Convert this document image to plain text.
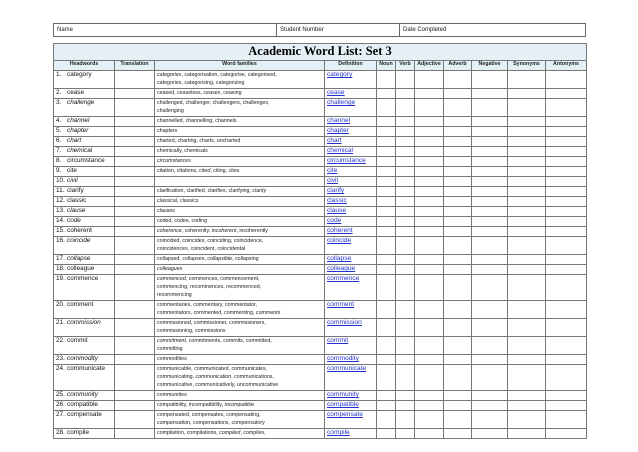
Name	Student Number	Date Completed
Academic Word List: Set 3										
Headwords	Translation	Word families	Definition	Noun	Verb	Adjective	Adverb	Negative	Synonyms	Antonyms
1. category		categories, categorisation, categorise, categorised,
categories, categorising, categorizing	category							
2. cease		ceased, ceaseless, ceases, ceasing	cease							
3. challenge		challenged, challenger, challengers, challenges,
challenging	challenge							
4. channel		channelled, channelling, channels	channel							
5. chapter		chapters	chapter							
6. chart		charted, charting, charts, uncharted	chart							
7. chemical		chemically, chemicals	chemical							
8. circumstance		circumstances	circumstance							
9. cite		citation, citations, cited, citing, cites	cite							
10. civil			civil							
11. clarify		clarification, clarified, clarifies, clarifying, clarity	clarify							
12. classic		classical, classics	classic							
13. clause		clauses	clause							
14. code		coded, codes, coding	code							
15. coherent		coherence, coherently, incoherent, incoherently	coherent							
16. coincide		coincided, coincides, coinciding, coincidence,
coincidences, coincident, coincidental	coincide							
17. collapse		collapsed, collapses, collapsible, collapsing	collapse							
18. colleague		colleagues	colleague							
19. commence		commenced, commences, commencement,
commencing, recommences, recommenced,
recommencing	commence							
20. comment		commentaries, commentary, commentator,
commentators, commented, commenting, comments	comment							
21. commission		commissioned, commissioner, commissioners,
commissioning, commissions	commission							
22. commit		commitment, commitments, commits, committed,
committing	commit							
23. commodity		commodities	commodity							
24. communicate		communicable, communicated, communicates,
communicating, communication, communications,
communicative, communicatively, uncommunicative	communicate							
25. community		communities	community							
26. compatible		compatibility, incompatibility, incompatible	compatible							
27. compensate		compensated, compensates, compensating,
compensation, compensations, compensatory	compensate							
28. compile		compilation, compilations, compiled, compiles,	compile							
